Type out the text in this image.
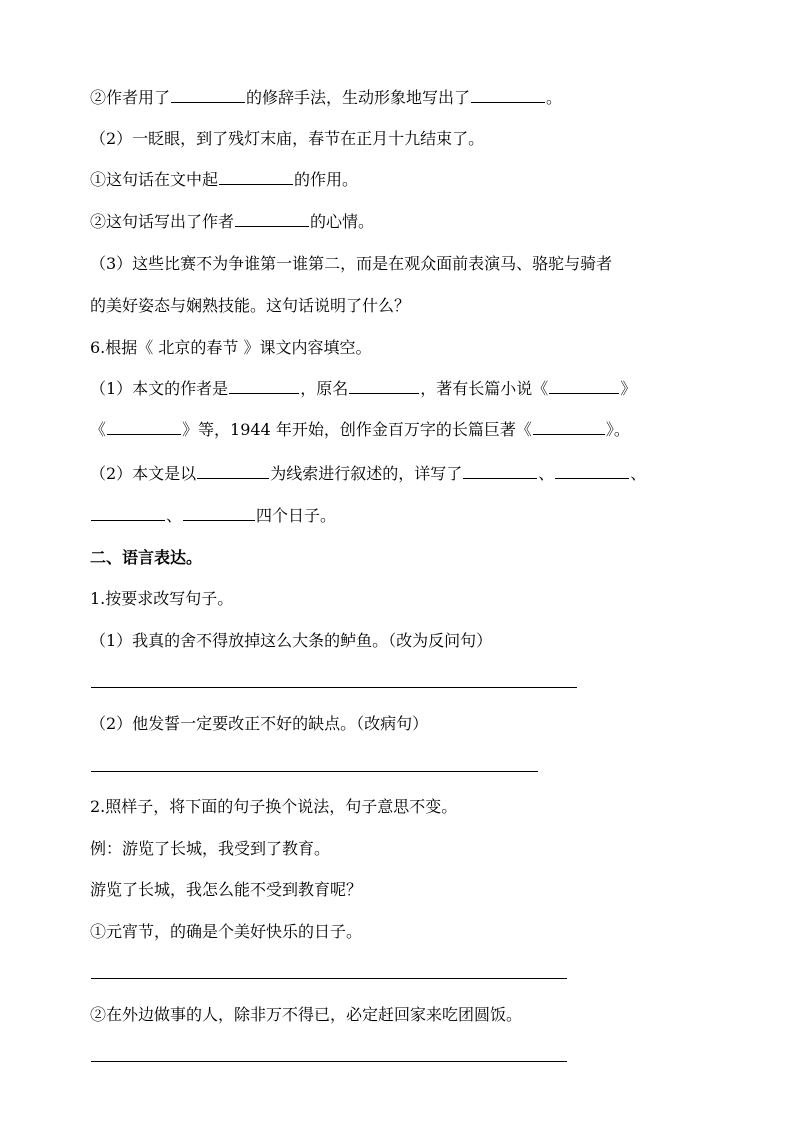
②作者用了	的修辞手法，生动形象地写出了	。
（2）一眨眼，到了残灯末庙，春节在正月十九结束了。
①这句话在文中起	的作用。
②这句话写出了作者	的心情。
（3）这些比赛不为争谁第一谁第二，而是在观众面前表演马、骆驼与骑者
的美好姿态与娴熟技能。这句话说明了什么？
6.根据《 北京的春节 》课文内容填空。
（1）本文的作者是	，原名	，著有长篇小说《	》
《	》等，1944 年开始，创作金百万字的长篇巨著《	》。
（2）本文是以	为线索进行叙述的，详写了	、	、
、	四个日子。
二、语言表达。
1.按要求改写句子。
（1）我真的舍不得放掉这么大条的鲈鱼。（改为反问句）
（2）他发誓一定要改正不好的缺点。（改病句）
2.照样子，将下面的句子换个说法，句子意思不变。
例：游览了长城，我受到了教育。
游览了长城，我怎么能不受到教育呢？
①元宵节，的确是个美好快乐的日子。
②在外边做事的人，除非万不得已，必定赶回家来吃团圆饭。
